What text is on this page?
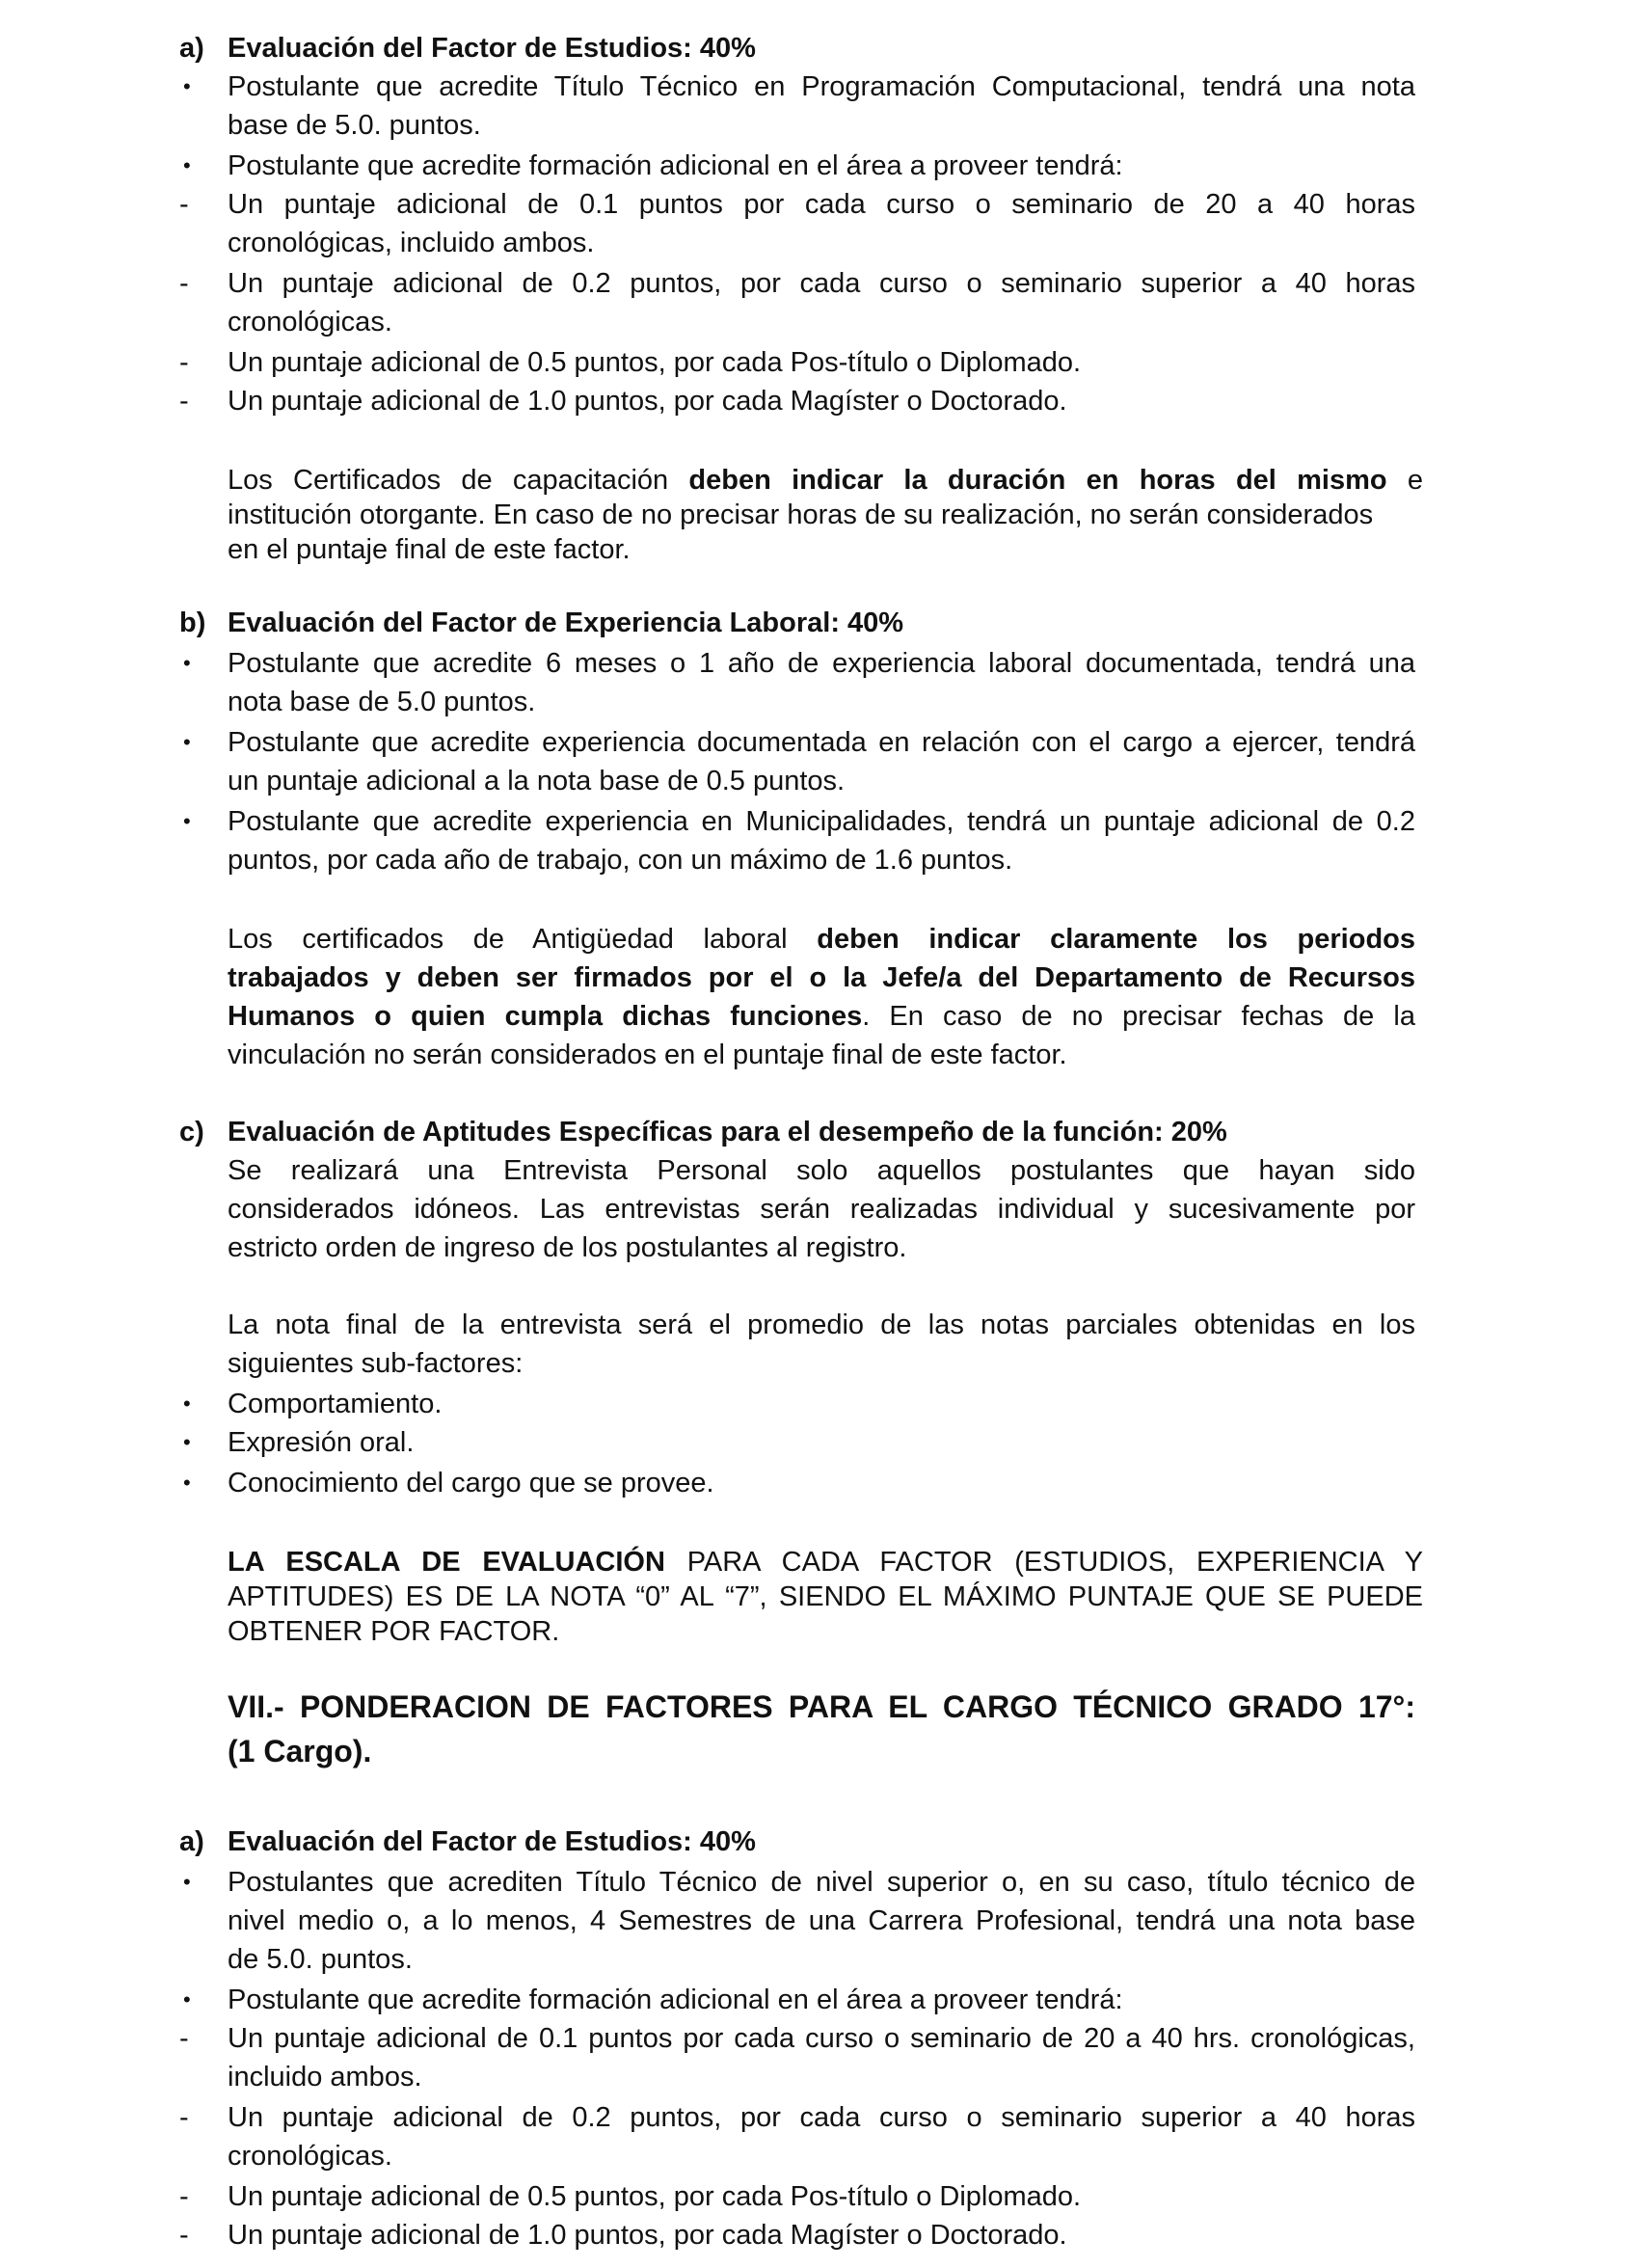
a) Evaluación del Factor de Estudios: 40%
• Postulante que acredite Título Técnico en Programación Computacional, tendrá una nota
base de 5.0. puntos.
• Postulante que acredite formación adicional en el área a proveer tendrá:
- Un puntaje adicional de 0.1 puntos por cada curso o seminario de 20 a 40 horas
cronológicas, incluido ambos.
- Un puntaje adicional de 0.2 puntos, por cada curso o seminario superior a 40 horas
cronológicas.
- Un puntaje adicional de 0.5 puntos, por cada Pos-título o Diplomado.
- Un puntaje adicional de 1.0 puntos, por cada Magíster o Doctorado.
Los Certificados de capacitación deben indicar la duración en horas del mismo e
institución otorgante. En caso de no precisar horas de su realización, no serán considerados
en el puntaje final de este factor.
b) Evaluación del Factor de Experiencia Laboral: 40%
• Postulante que acredite 6 meses o 1 año de experiencia laboral documentada, tendrá una
nota base de 5.0 puntos.
• Postulante que acredite experiencia documentada en relación con el cargo a ejercer, tendrá
un puntaje adicional a la nota base de 0.5 puntos.
• Postulante que acredite experiencia en Municipalidades, tendrá un puntaje adicional de 0.2
puntos, por cada año de trabajo, con un máximo de 1.6 puntos.
Los certificados de Antigüedad laboral deben indicar claramente los periodos
trabajados y deben ser firmados por el o la Jefe/a del Departamento de Recursos
Humanos o quien cumpla dichas funciones. En caso de no precisar fechas de la
vinculación no serán considerados en el puntaje final de este factor.
c) Evaluación de Aptitudes Específicas para el desempeño de la función: 20%
Se realizará una Entrevista Personal solo aquellos postulantes que hayan sido
considerados idóneos. Las entrevistas serán realizadas individual y sucesivamente por
estricto orden de ingreso de los postulantes al registro.
La nota final de la entrevista será el promedio de las notas parciales obtenidas en los
siguientes sub-factores:
• Comportamiento.
• Expresión oral.
• Conocimiento del cargo que se provee.
LA ESCALA DE EVALUACIÓN PARA CADA FACTOR (ESTUDIOS, EXPERIENCIA Y
APTITUDES) ES DE LA NOTA “0” AL “7”, SIENDO EL MÁXIMO PUNTAJE QUE SE PUEDE
OBTENER POR FACTOR.
VII.- PONDERACION DE FACTORES PARA EL CARGO TÉCNICO GRADO 17°:
(1 Cargo).
a) Evaluación del Factor de Estudios: 40%
• Postulantes que acrediten Título Técnico de nivel superior o, en su caso, título técnico de
nivel medio o, a lo menos, 4 Semestres de una Carrera Profesional, tendrá una nota base
de 5.0. puntos.
• Postulante que acredite formación adicional en el área a proveer tendrá:
- Un puntaje adicional de 0.1 puntos por cada curso o seminario de 20 a 40 hrs. cronológicas,
incluido ambos.
- Un puntaje adicional de 0.2 puntos, por cada curso o seminario superior a 40 horas
cronológicas.
- Un puntaje adicional de 0.5 puntos, por cada Pos-título o Diplomado.
- Un puntaje adicional de 1.0 puntos, por cada Magíster o Doctorado.
